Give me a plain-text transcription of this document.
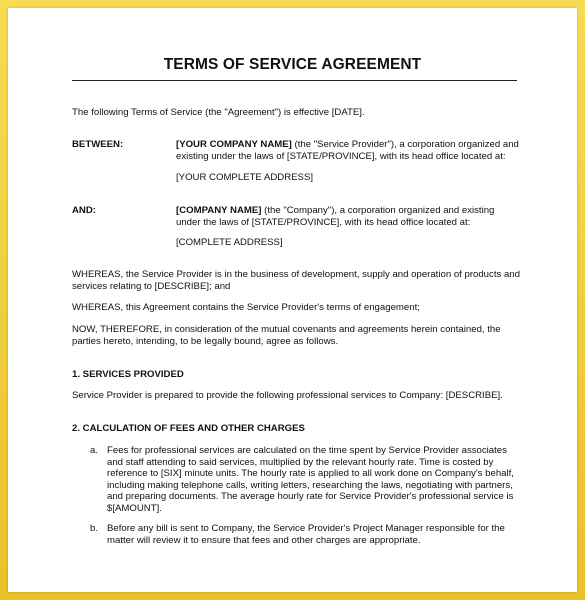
TERMS OF SERVICE AGREEMENT
The following Terms of Service (the "Agreement") is effective [DATE].
BETWEEN:	[YOUR COMPANY NAME] (the "Service Provider"), a corporation organized and
existing under the laws of [STATE/PROVINCE], with its head office located at:
[YOUR COMPLETE ADDRESS]
AND:	[COMPANY NAME] (the "Company"), a corporation organized and existing
under the laws of [STATE/PROVINCE], with its head office located at:
[COMPLETE ADDRESS]
WHEREAS, the Service Provider is in the business of development, supply and operation of products and
services relating to [DESCRIBE]; and
WHEREAS, this Agreement contains the Service Provider's terms of engagement;
NOW, THEREFORE, in consideration of the mutual covenants and agreements herein contained, the
parties hereto, intending, to be legally bound, agree as follows.
1. SERVICES PROVIDED
Service Provider is prepared to provide the following professional services to Company: [DESCRIBE].
2. CALCULATION OF FEES AND OTHER CHARGES
a. Fees for professional services are calculated on the time spent by Service Provider associates
and staff attending to said services, multiplied by the relevant hourly rate. Time is costed by
reference to [SIX] minute units. The hourly rate is applied to all work done on Company's behalf,
including making telephone calls, writing letters, researching the laws, negotiating with partners,
and preparing documents. The average hourly rate for Service Provider's professional service is
$[AMOUNT].
b. Before any bill is sent to Company, the Service Provider's Project Manager responsible for the
matter will review it to ensure that fees and other charges are appropriate.
